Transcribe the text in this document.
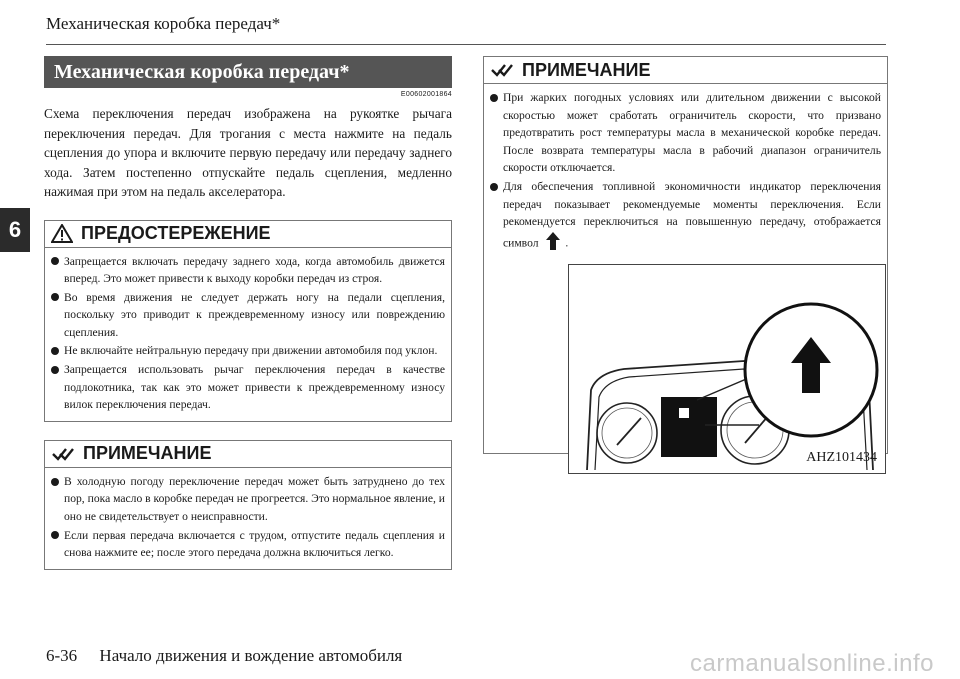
Механическая коробка передач*
6
Механическая коробка передач*
E00602001864
Схема переключения передач изображена на рукоятке рычага переключения передач. Для трогания с места нажмите на педаль сцепления до упора и включите первую передачу или передачу заднего хода. Затем постепенно отпускайте педаль сцепления, медленно нажимая при этом на педаль акселератора.
ПРЕДОСТЕРЕЖЕНИЕ
Запрещается включать передачу заднего хода, когда автомобиль движется вперед. Это может привести к выходу коробки передач из строя.
Во время движения не следует держать ногу на педали сцепления, поскольку это приводит к преждевременному износу или повреждению сцепления.
Не включайте нейтральную передачу при движении автомобиля под уклон.
Запрещается использовать рычаг переключения передач в качестве подлокотника, так как это может привести к преждевременному износу вилок переключения передач.
ПРИМЕЧАНИЕ
В холодную погоду переключение передач может быть затруднено до тех пор, пока масло в коробке передач не прогреется. Это нормальное явление, и оно не свидетельствует о неисправности.
Если первая передача включается с трудом, отпустите педаль сцепления и снова нажмите ее; после этого передача должна включиться легко.
ПРИМЕЧАНИЕ
При жарких погодных условиях или длительном движении с высокой скоростью может сработать ограничитель скорости, что призвано предотвратить рост температуры масла в механической коробке передач. После возврата температуры масла в рабочий диапазон ограничитель скорости отключается.
Для обеспечения топливной экономичности индикатор переключения передач показывает рекомендуемые моменты переключения. Если рекомендуется переключиться на повышенную передачу, отображается символ .
AHZ101434
6-36 Начало движения и вождение автомобиля	carmanualsonline.info
